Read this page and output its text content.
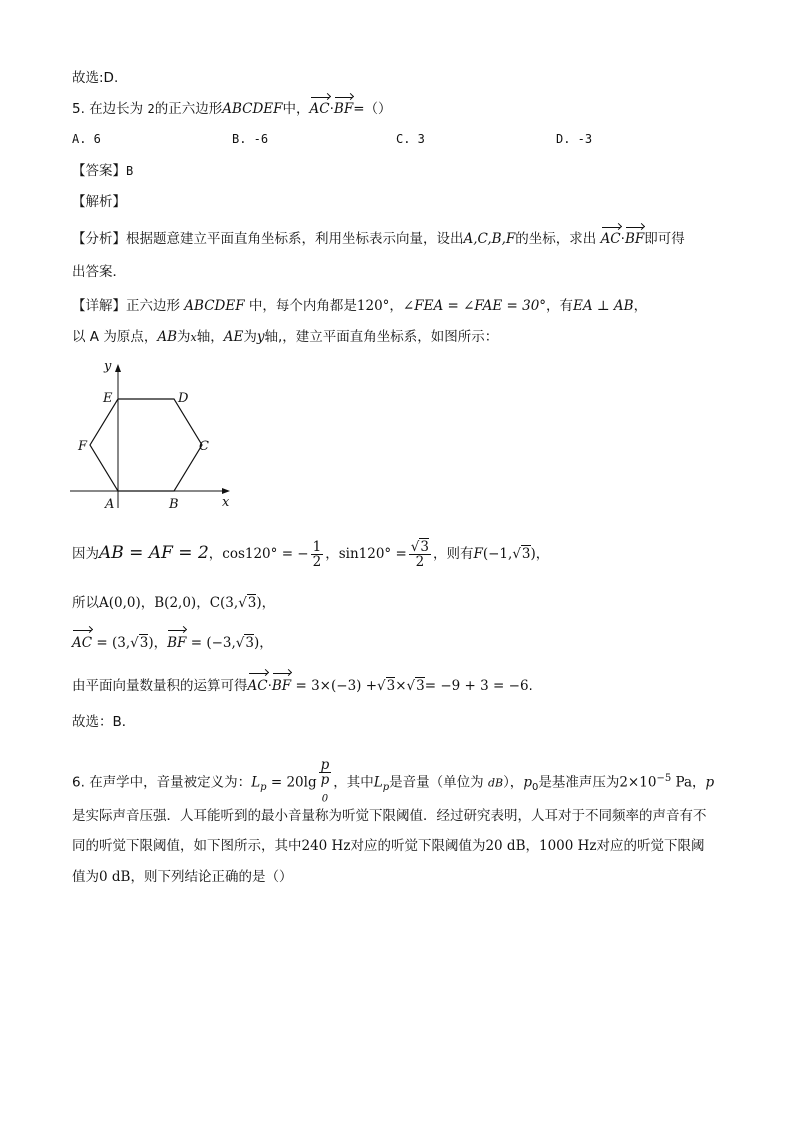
故选:D.
5. 在边长为 2的正六边形ABCDEF中，AC·BF=（）
A. 6	B. -6	C. 3	D. -3
【答案】B
【解析】
【分析】根据题意建立平面直角坐标系，利用坐标表示向量，设出A,C,B,F的坐标，求出 AC·BF即可得
出答案．
【详解】正六边形 ABCDEF 中，每个内角都是120°，∠FEA = ∠FAE = 30°，有EA ⊥ AB，
以 A 为原点，AB为x轴，AE为y轴,，建立平面直角坐标系，如图所示：
y
x
E	D
F	C
A	B
因为AB = AF = 2，cos120° = − $\frac{1}{2}$ ，$\sin 120^\circ = \frac{√3}{2}$ ，则有F(−1,√3)，
所以A(0,0)，B(2,0)，C(3,√3)，
AC = (3,√3)，BF = (−3,√3)，
由平面向量数量积的运算可得AC·BF = 3×(−3) +√3×√3= −9 + 3 = −6.
故选：B．
6. 在声学中，音量被定义为：$L_p = 20\lg$ p
p
$_0$ ，其中$L_p$是音量（单位为 dB），$p_0$是基准声压为$2\times 10^{-5}$ Pa，p
是实际声音压强．人耳能听到的最小音量称为听觉下限阈值．经过研究表明，人耳对于不同频率的声音有不
同的听觉下限阈值，如下图所示，其中240 Hz对应的听觉下限阈值为20 dB，1000 Hz对应的听觉下限阈
值为0 dB，则下列结论正确的是（）
